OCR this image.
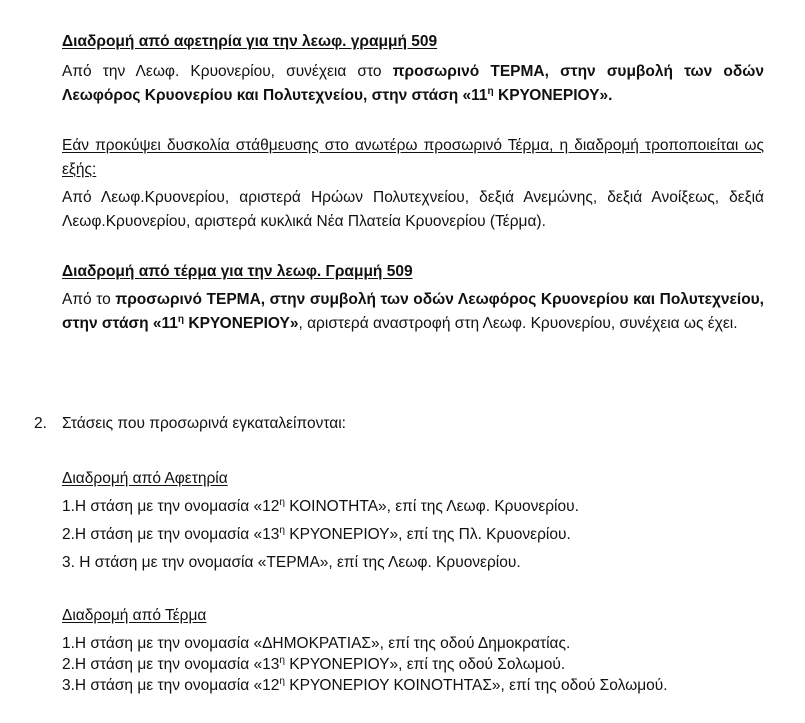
Διαδρομή από αφετηρία για την λεωφ. γραμμή 509

Από την Λεωφ. Κρυονερίου, συνέχεια στο προσωρινό ΤΕΡΜΑ, στην συμβολή των οδών Λεωφόρος Κρυονερίου και Πολυτεχνείου, στην στάση «$11^\eta$ ΚΡΥΟΝΕΡΙΟΥ».

Εάν προκύψει δυσκολία στάθμευσης στο ανωτέρω προσωρινό Τέρμα, η διαδρομή τροποποιείται ως εξής:

Από Λεωφ.Κρυονερίου, αριστερά Ηρώων Πολυτεχνείου, δεξιά Ανεμώνης, δεξιά Ανοίξεως, δεξιά Λεωφ.Κρυονερίου, αριστερά κυκλικά Νέα Πλατεία Κρυονερίου (Τέρμα).

Διαδρομή από τέρμα για την λεωφ. Γραμμή 509

Από το προσωρινό ΤΕΡΜΑ, στην συμβολή των οδών Λεωφόρος Κρυονερίου και Πολυτεχνείου, στην στάση «$11^\eta$ ΚΡΥΟΝΕΡΙΟΥ», αριστερά αναστροφή στη Λεωφ. Κρυονερίου, συνέχεια ως έχει.

2. Στάσεις που προσωρινά εγκαταλείπονται:

Διαδρομή από Αφετηρία

1.Η στάση με την ονομασία «$12^\eta$ ΚΟΙΝΟΤΗΤΑ», επί της Λεωφ. Κρυονερίου.

2.Η στάση με την ονομασία «$13^\eta$ ΚΡΥΟΝΕΡΙΟΥ», επί της Πλ. Κρυονερίου.

3. Η στάση με την ονομασία «ΤΕΡΜΑ», επί της Λεωφ. Κρυονερίου.

Διαδρομή από Τέρμα

1.Η στάση με την ονομασία «ΔΗΜΟΚΡΑΤΙΑΣ», επί της οδού Δημοκρατίας.

2.Η στάση με την ονομασία «$13^\eta$ ΚΡΥΟΝΕΡΙΟΥ», επί της οδού Σολωμού.

3.Η στάση με την ονομασία «$12^\eta$ ΚΡΥΟΝΕΡΙΟΥ ΚΟΙΝΟΤΗΤΑΣ», επί της οδού Σολωμού.
